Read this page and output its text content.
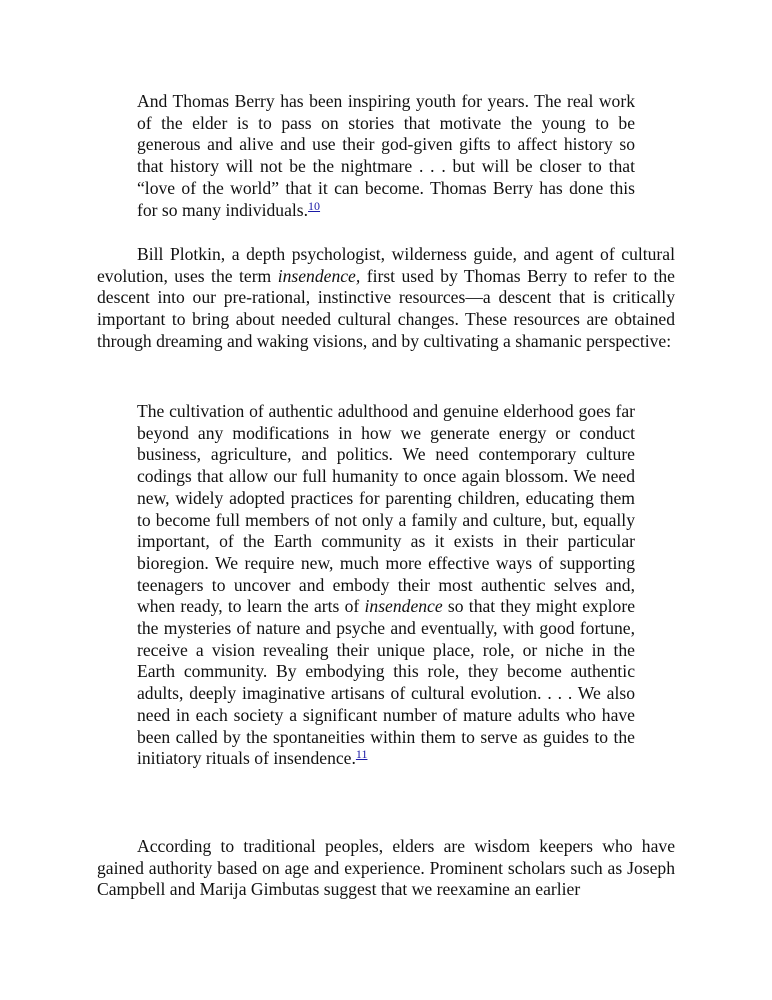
And Thomas Berry has been inspiring youth for years. The real work of the elder is to pass on stories that motivate the young to be generous and alive and use their god-given gifts to affect history so that history will not be the nightmare . . . but will be closer to that “love of the world” that it can become. Thomas Berry has done this for so many individuals.$^{10}$

Bill Plotkin, a depth psychologist, wilderness guide, and agent of cultural evolution, uses the term insendence, first used by Thomas Berry to refer to the descent into our pre-rational, instinctive resources—a descent that is critically important to bring about needed cultural changes. These resources are obtained through dreaming and waking visions, and by cultivating a shamanic perspective:

The cultivation of authentic adulthood and genuine elderhood goes far beyond any modifications in how we generate energy or conduct business, agriculture, and politics. We need contemporary culture codings that allow our full humanity to once again blossom. We need new, widely adopted practices for parenting children, educating them to become full members of not only a family and culture, but, equally important, of the Earth community as it exists in their particular bioregion. We require new, much more effective ways of supporting teenagers to uncover and embody their most authentic selves and, when ready, to learn the arts of insendence so that they might explore the mysteries of nature and psyche and eventually, with good fortune, receive a vision revealing their unique place, role, or niche in the Earth community. By embodying this role, they become authentic adults, deeply imaginative artisans of cultural evolution. . . . We also need in each society a significant number of mature adults who have been called by the spontaneities within them to serve as guides to the initiatory rituals of insendence.$^{11}$

According to traditional peoples, elders are wisdom keepers who have gained authority based on age and experience. Prominent scholars such as Joseph Campbell and Marija Gimbutas suggest that we reexamine an earlier
